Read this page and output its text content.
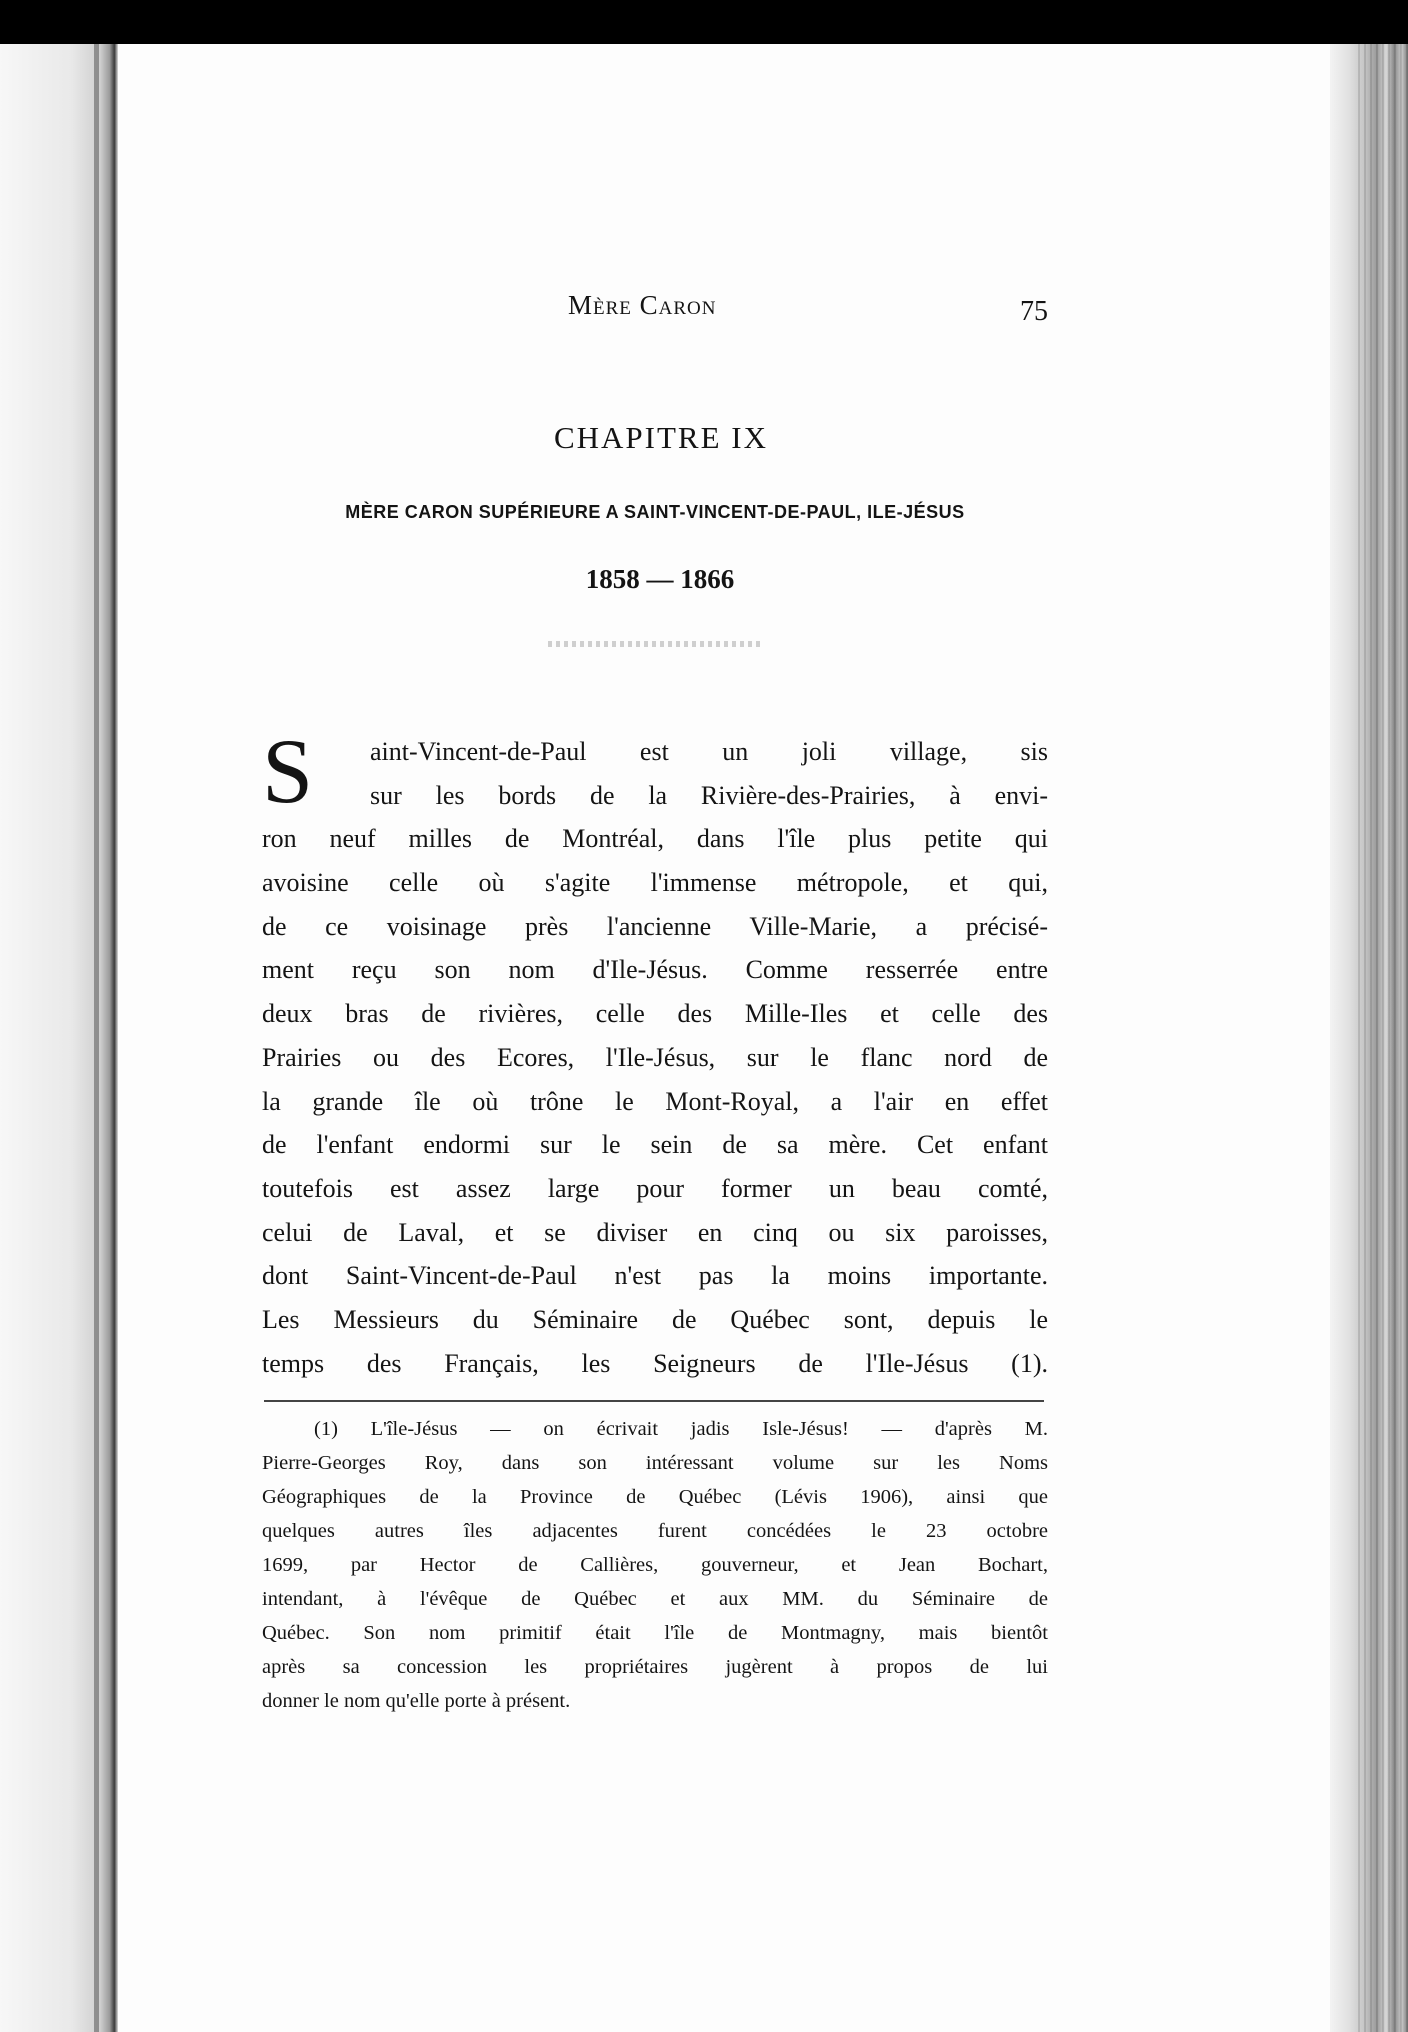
Mère Caron	75
CHAPITRE IX
MÈRE CARON SUPÉRIEURE A SAINT-VINCENT-DE-PAUL, ILE-JÉSUS
1858 — 1866
S	aint-Vincent-de-Paul est un joli village, sis
sur les bords de la Rivière-des-Prairies, à envi-
ron neuf milles de Montréal, dans l'île plus petite qui
avoisine celle où s'agite l'immense métropole, et qui,
de ce voisinage près l'ancienne Ville-Marie, a précisé-
ment reçu son nom d'Ile-Jésus. Comme resserrée entre
deux bras de rivières, celle des Mille-Iles et celle des
Prairies ou des Ecores, l'Ile-Jésus, sur le flanc nord de
la grande île où trône le Mont-Royal, a l'air en effet
de l'enfant endormi sur le sein de sa mère. Cet enfant
toutefois est assez large pour former un beau comté,
celui de Laval, et se diviser en cinq ou six paroisses,
dont Saint-Vincent-de-Paul n'est pas la moins importante.
Les Messieurs du Séminaire de Québec sont, depuis le
temps des Français, les Seigneurs de l'Ile-Jésus (1).
(1) L'île-Jésus — on écrivait jadis Isle-Jésus! — d'après M.
Pierre-Georges Roy, dans son intéressant volume sur les Noms
Géographiques de la Province de Québec (Lévis 1906), ainsi que
quelques autres îles adjacentes furent concédées le 23 octobre
1699, par Hector de Callières, gouverneur, et Jean Bochart,
intendant, à l'évêque de Québec et aux MM. du Séminaire de
Québec. Son nom primitif était l'île de Montmagny, mais bientôt
après sa concession les propriétaires jugèrent à propos de lui
donner le nom qu'elle porte à présent.
